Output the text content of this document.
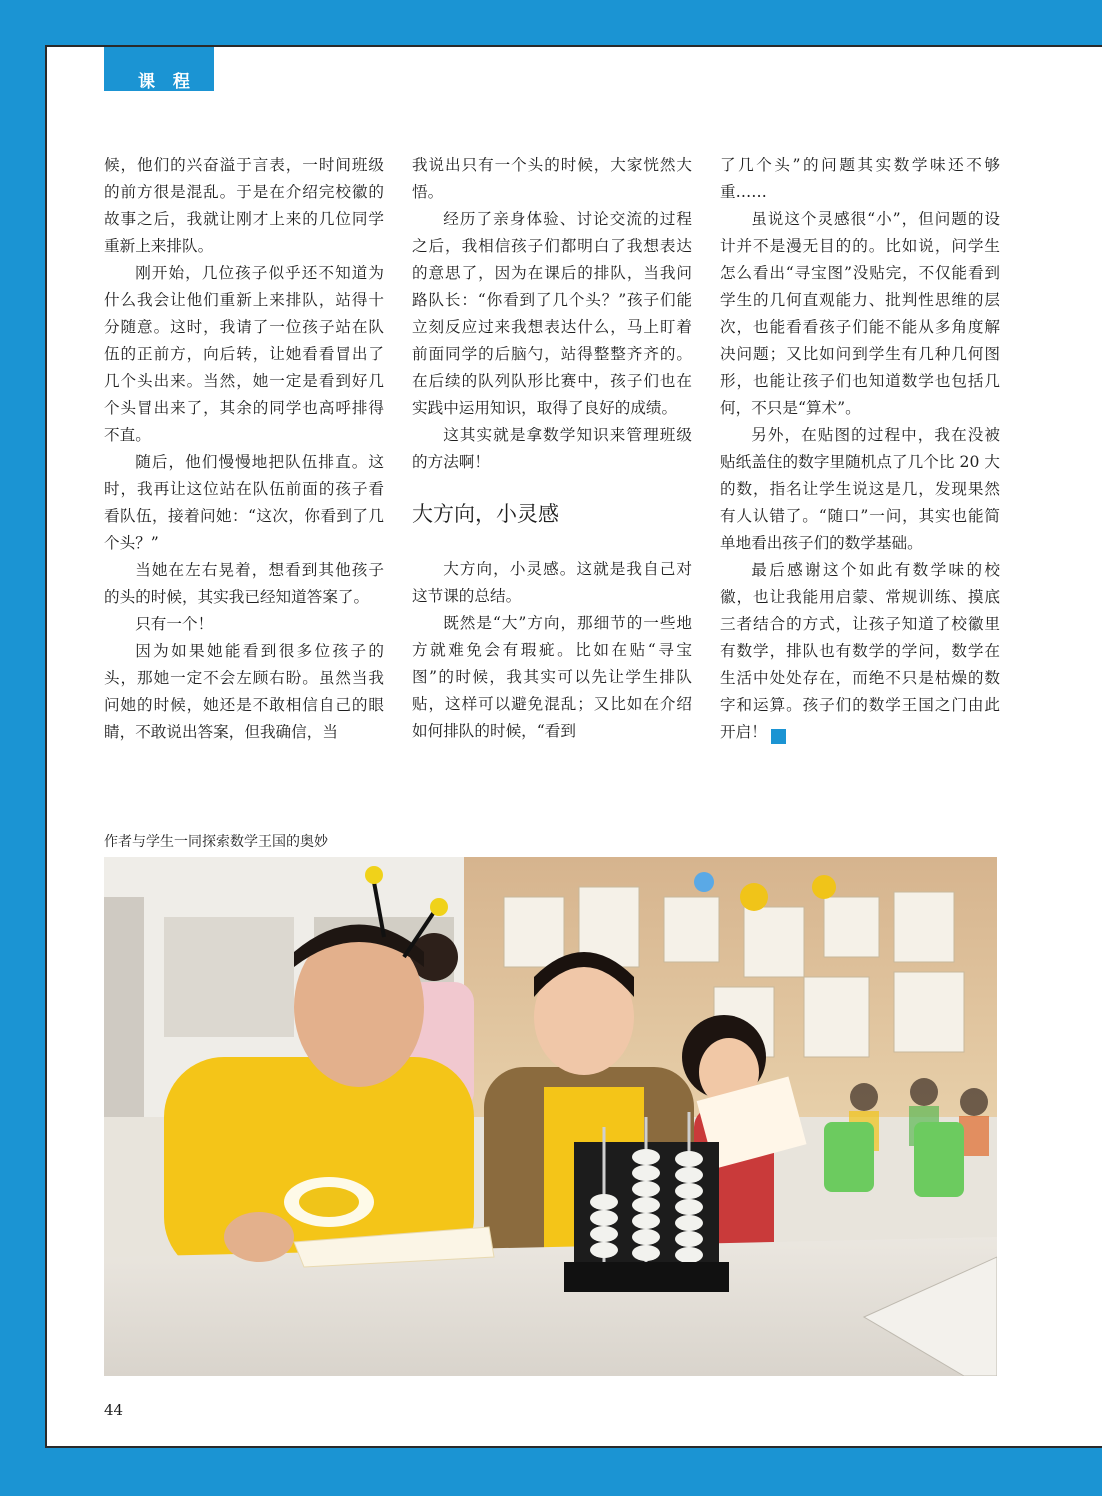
课 程

候，他们的兴奋溢于言表，一时间班级的前方很是混乱。于是在介绍完校徽的故事之后，我就让刚才上来的几位同学重新上来排队。

刚开始，几位孩子似乎还不知道为什么我会让他们重新上来排队，站得十分随意。这时，我请了一位孩子站在队伍的正前方，向后转，让她看看冒出了几个头出来。当然，她一定是看到好几个头冒出来了，其余的同学也高呼排得不直。

随后，他们慢慢地把队伍排直。这时，我再让这位站在队伍前面的孩子看看队伍，接着问她：“这次，你看到了几个头？”

当她在左右晃着，想看到其他孩子的头的时候，其实我已经知道答案了。

只有一个！

因为如果她能看到很多位孩子的头，那她一定不会左顾右盼。虽然当我问她的时候，她还是不敢相信自己的眼睛，不敢说出答案，但我确信，当

我说出只有一个头的时候，大家恍然大悟。

经历了亲身体验、讨论交流的过程之后，我相信孩子们都明白了我想表达的意思了，因为在课后的排队，当我问路队长：“你看到了几个头？”孩子们能立刻反应过来我想表达什么，马上盯着前面同学的后脑勺，站得整整齐齐的。在后续的队列队形比赛中，孩子们也在实践中运用知识，取得了良好的成绩。

这其实就是拿数学知识来管理班级的方法啊！

大方向，小灵感

大方向，小灵感。这就是我自己对这节课的总结。

既然是“大”方向，那细节的一些地方就难免会有瑕疵。比如在贴“寻宝图”的时候，我其实可以先让学生排队贴，这样可以避免混乱；又比如在介绍如何排队的时候，“看到

了几个头”的问题其实数学味还不够重……

虽说这个灵感很“小”，但问题的设计并不是漫无目的的。比如说，问学生怎么看出“寻宝图”没贴完，不仅能看到学生的几何直观能力、批判性思维的层次，也能看看孩子们能不能从多角度解决问题；又比如问到学生有几种几何图形，也能让孩子们也知道数学也包括几何，不只是“算术”。

另外，在贴图的过程中，我在没被贴纸盖住的数字里随机点了几个比 20 大的数，指名让学生说这是几，发现果然有人认错了。“随口”一问，其实也能简单地看出孩子们的数学基础。

最后感谢这个如此有数学味的校徽，也让我能用启蒙、常规训练、摸底三者结合的方式，让孩子知道了校徽里有数学，排队也有数学的学问，数学在生活中处处存在，而绝不只是枯燥的数字和运算。孩子们的数学王国之门由此开启！	家

作者与学生一同探索数学王国的奥妙
44
